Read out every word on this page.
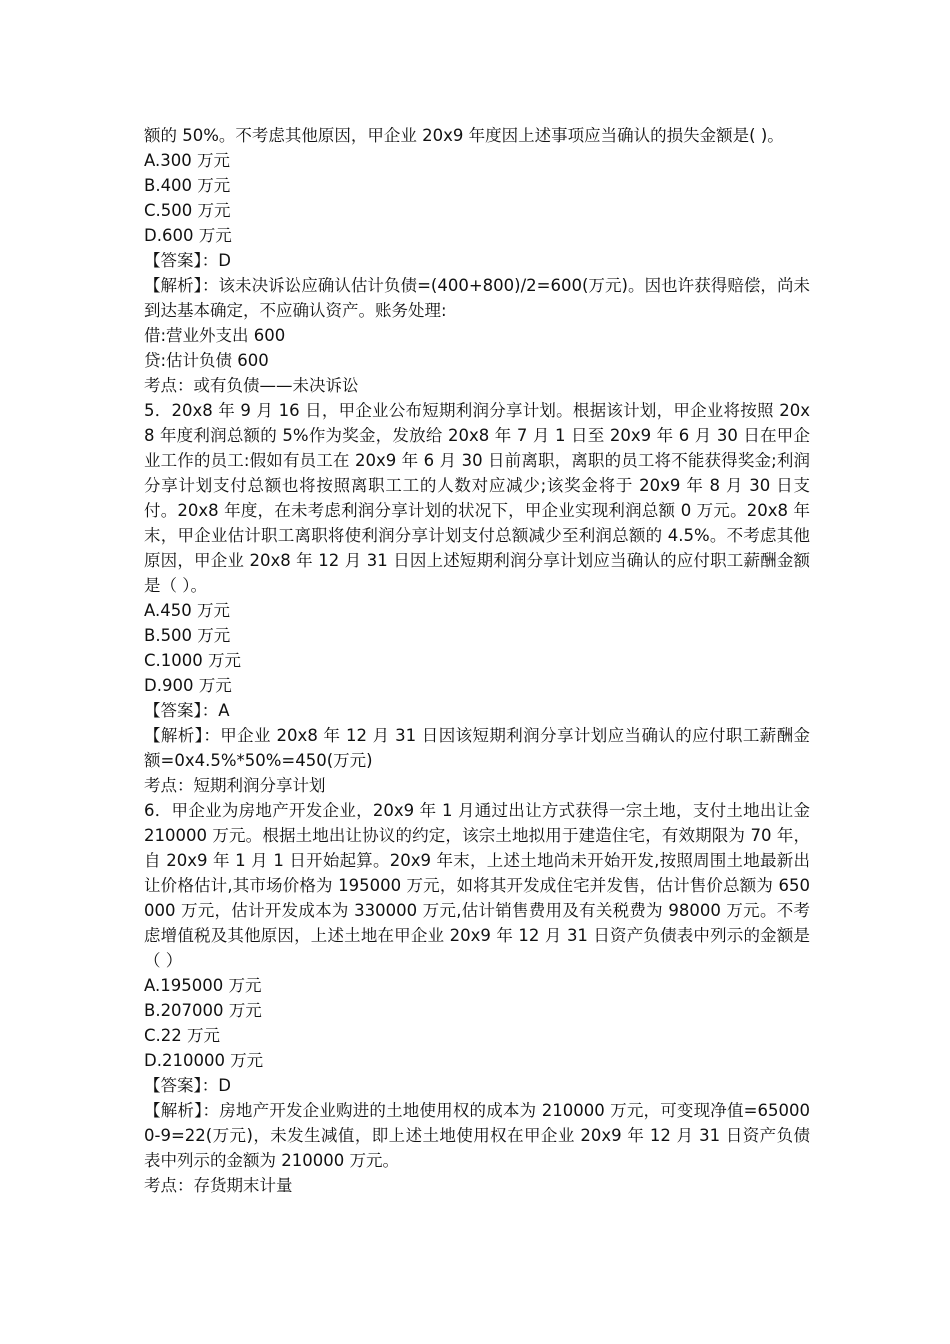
额的 50%。不考虑其他原因，甲企业 20x9 年度因上述事项应当确认的损失金额是( )。
A.300 万元
B.400 万元
C.500 万元
D.600 万元
【答案】：D
【解析】：该未决诉讼应确认估计负债=(400+800)/2=600(万元)。因也许获得赔偿，尚未到达基本确定，不应确认资产。账务处理:
借:营业外支出 600
贷:估计负债 600
考点：或有负债——未决诉讼
5．20x8 年 9 月 16 日，甲企业公布短期利润分享计划。根据该计划，甲企业将按照 20x8 年度利润总额的 5%作为奖金，发放给 20x8 年 7 月 1 日至 20x9 年 6 月 30 日在甲企业工作的员工:假如有员工在 20x9 年 6 月 30 日前离职，离职的员工将不能获得奖金;利润分享计划支付总额也将按照离职工工的人数对应减少;该奖金将于 20x9 年 8 月 30 日支付。20x8 年度，在未考虑利润分享计划的状况下，甲企业实现利润总额 0 万元。20x8 年末，甲企业估计职工离职将使利润分享计划支付总额减少至利润总额的 4.5%。不考虑其他原因，甲企业 20x8 年 12 月 31 日因上述短期利润分享计划应当确认的应付职工薪酬金额是（ ）。
A.450 万元
B.500 万元
C.1000 万元
D.900 万元
【答案】：A
【解析】：甲企业 20x8 年 12 月 31 日因该短期利润分享计划应当确认的应付职工薪酬金额=0x4.5%*50%=450(万元)
考点：短期利润分享计划
6．甲企业为房地产开发企业，20x9 年 1 月通过出让方式获得一宗土地，支付土地出让金 210000 万元。根据土地出让协议的约定，该宗土地拟用于建造住宅，有效期限为 70 年，自 20x9 年 1 月 1 日开始起算。20x9 年末，上述土地尚未开始开发,按照周围土地最新出让价格估计,其市场价格为 195000 万元，如将其开发成住宅并发售，估计售价总额为 650000 万元，估计开发成本为 330000 万元,估计销售费用及有关税费为 98000 万元。不考虑增值税及其他原因，上述土地在甲企业 20x9 年 12 月 31 日资产负债表中列示的金额是（ ）
A.195000 万元
B.207000 万元
C.22 万元
D.210000 万元
【答案】：D
【解析】：房地产开发企业购进的土地使用权的成本为 210000 万元，可变现净值=650000-9=22(万元)，未发生减值，即上述土地使用权在甲企业 20x9 年 12 月 31 日资产负债表中列示的金额为 210000 万元。
考点：存货期末计量
